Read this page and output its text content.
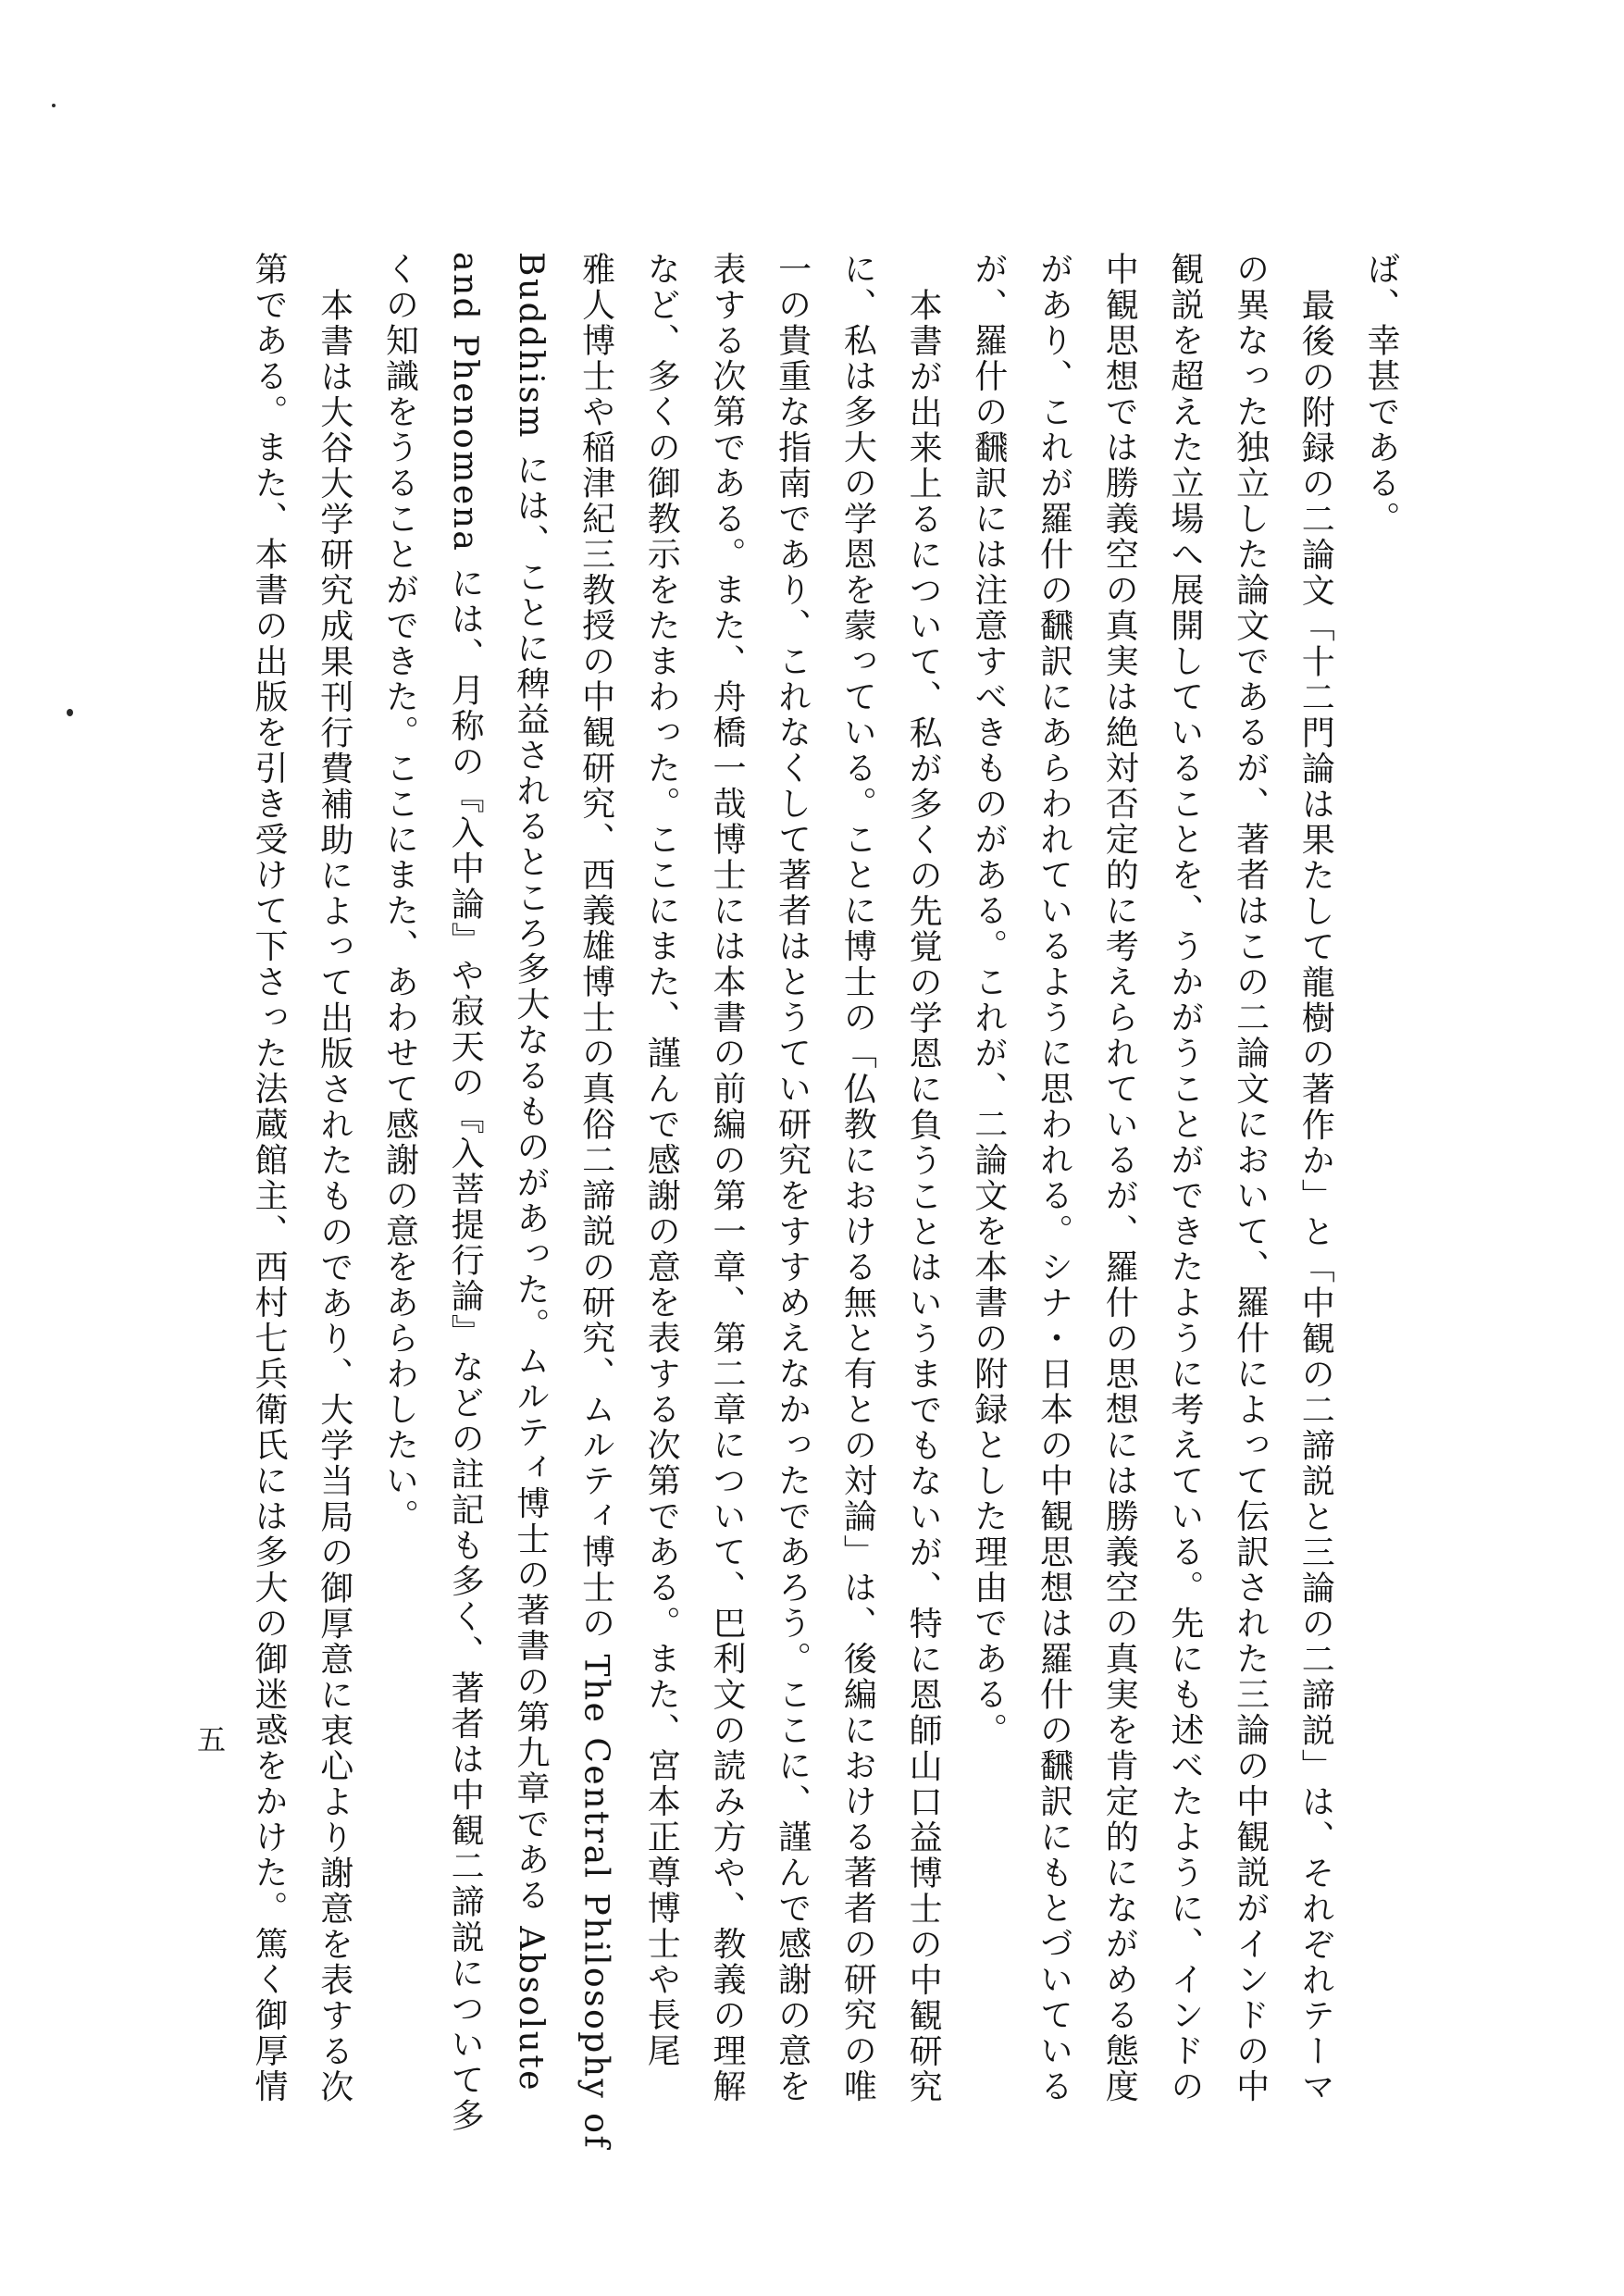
ば、幸甚である。
最後の附録の二論文「十二門論は果たして龍樹の著作か」と「中観の二諦説と三論の二諦説」は、それぞれテーマ
の異なった独立した論文であるが、著者はこの二論文において、羅什によって伝訳された三論の中観説がインドの中
観説を超えた立場へ展開していることを、うかがうことができたように考えている。先にも述べたように、インドの
中観思想では勝義空の真実は絶対否定的に考えられているが、羅什の思想には勝義空の真実を肯定的にながめる態度
があり、これが羅什の飜訳にあらわれているように思われる。シナ・日本の中観思想は羅什の飜訳にもとづいている
が、羅什の飜訳には注意すべきものがある。これが、二論文を本書の附録とした理由である。
本書が出来上るについて、私が多くの先覚の学恩に負うことはいうまでもないが、特に恩師山口益博士の中観研究
に、私は多大の学恩を蒙っている。ことに博士の「仏教における無と有との対論」は、後編における著者の研究の唯
一の貴重な指南であり、これなくして著者はとうてい研究をすすめえなかったであろう。ここに、謹んで感謝の意を
表する次第である。また、舟橋一哉博士には本書の前編の第一章、第二章について、巴利文の読み方や、教義の理解
など、多くの御教示をたまわった。ここにまた、謹んで感謝の意を表する次第である。また、宮本正尊博士や長尾
雅人博士や稲津紀三教授の中観研究、西義雄博士の真俗二諦説の研究、ムルティ博士の The Central Philosophy of
Buddhism には、ことに稗益されるところ多大なるものがあった。ムルティ博士の著書の第九章である Absolute
and Phenomena には、月称の『入中論』や寂天の『入菩提行論』などの註記も多く、著者は中観二諦説について多
くの知識をうることができた。ここにまた、あわせて感謝の意をあらわしたい。
本書は大谷大学研究成果刊行費補助によって出版されたものであり、大学当局の御厚意に衷心より謝意を表する次
第である。また、本書の出版を引き受けて下さった法蔵館主、西村七兵衛氏には多大の御迷惑をかけた。篤く御厚情
五
